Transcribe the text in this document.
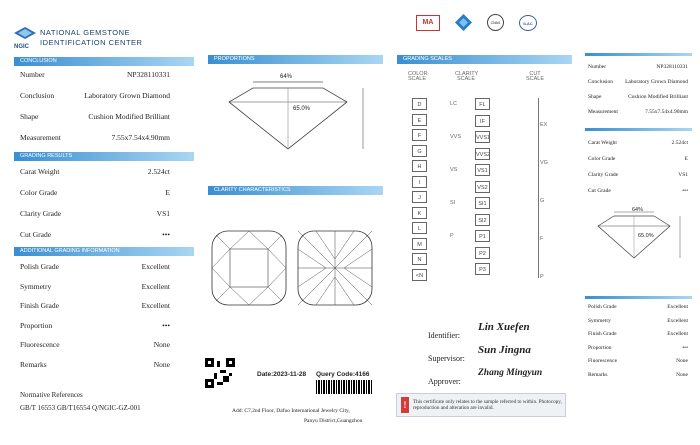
NGIC
NATIONAL GEMSTONE
IDENTIFICATION CENTER
CONCLUSION
Number	NP328110331
Conclusion	Laboratory Grown Diamond
Shape	Cushion Modified Brilliant
Measurement	7.55x7.54x4.90mm
GRADING RESULTS
Carat Weight	2.524ct
Color Grade	E
Clarity Grade	VS1
Cut Grade	•••
ADDITIONAL GRADING INFORMATION
Polish Grade	Excellent
Symmetry	Excellent
Finish Grade	Excellent
Proportion	•••
Fluorescence	None
Remarks	None
Normative References
GB/T 16553 GB/T16554 Q/NGIC-GZ-001
PROPORTIONS
64%
65.0%
CLARITY CHARACTERISTICS
Date:2023-11-28 Query Code:4166
Add: C7,2nd Floor, Dafuo International Jewelry City,
Panyu District,Guangzhou
GRADING SCALES
COLOR SCALE
CLARITY SCALE
CUT SCALE
D
E
F
G
H
I
J
K
L
M
N
<N
FL
IF
VVS1
VVS2
VS1
VS2
SI1
SI2
P1
P2
P3
LC
VVS
VS
SI
P
EX
VG
G
F
P
Identifier:
Lin Xuefen
Supervisor:
Sun Jingna
Approver:
Zhang Mingyun
!	This certificate only relates to the sample referred to within. Photocopy, reproduction and alteration are invalid.
MA	CNAS	ILAC
Number	NP328110331
Conclusion Laboratory Grown Diamond
Shape	Cushion Modified Brilliant
Measurement	7.55x7.54x4.90mm
Carat Weight	2.524ct
Color Grade	E
Clarity Grade	VS1
Cut Grade	•••
64%
65.0%
Polish Grade	Excellent
Symmetry	Excellent
Finish Grade	Excellent
Proportion	•••
Fluorescence	None
Remarks	None
